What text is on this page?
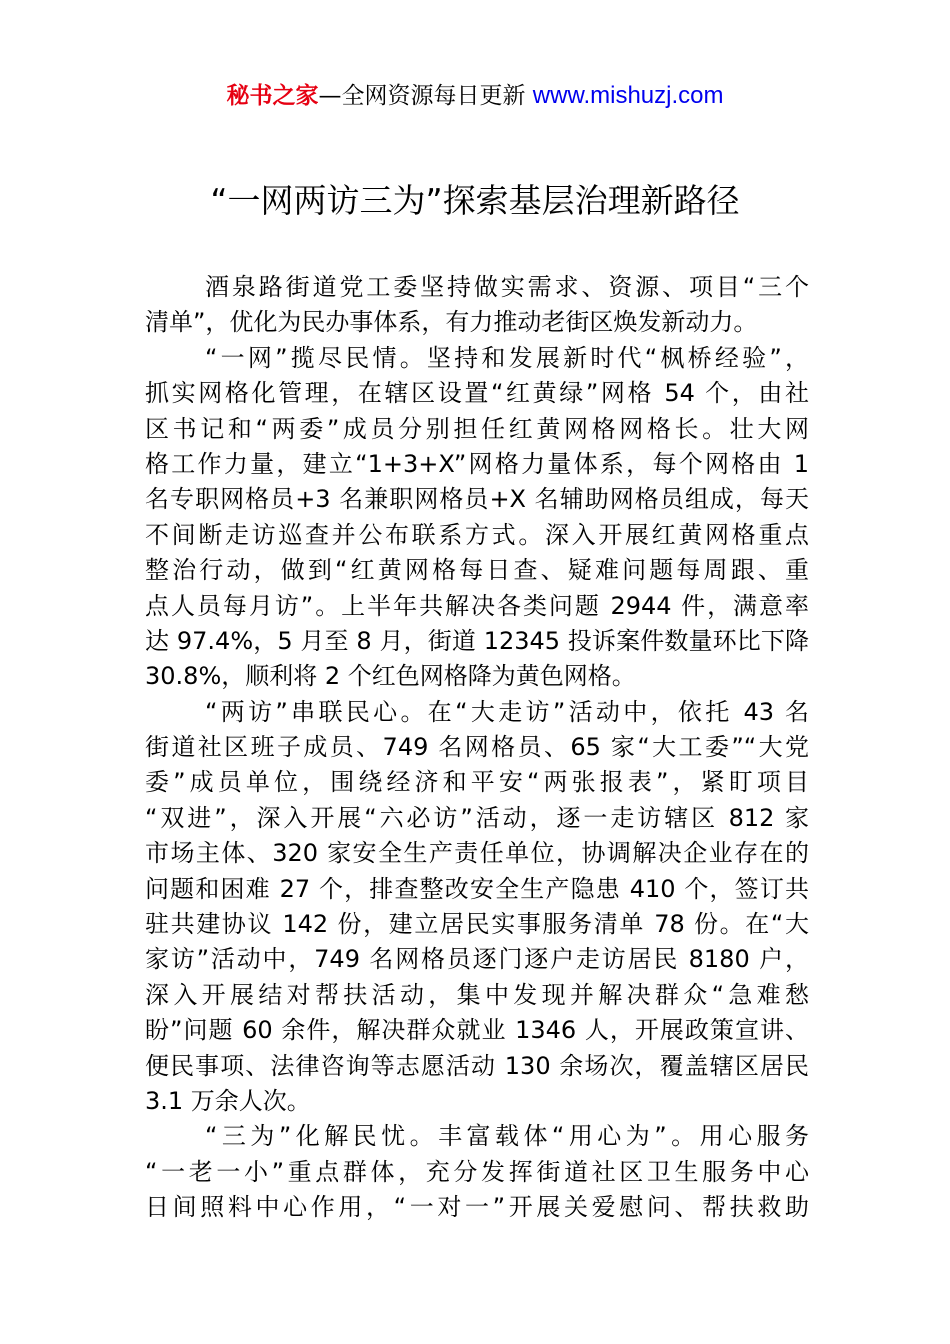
秘书之家—全网资源每日更新 www.mishuzj.com
“一网两访三为”探索基层治理新路径
酒泉路街道党工委坚持做实需求、资源、项目“三个
清单”，优化为民办事体系，有力推动老街区焕发新动力。
“一网”揽尽民情。坚持和发展新时代“枫桥经验”，
抓实网格化管理，在辖区设置“红黄绿”网格 54 个，由社
区书记和“两委”成员分别担任红黄网格网格长。壮大网
格工作力量，建立“1+3+X”网格力量体系，每个网格由 1
名专职网格员+3 名兼职网格员+X 名辅助网格员组成，每天
不间断走访巡查并公布联系方式。深入开展红黄网格重点
整治行动，做到“红黄网格每日查、疑难问题每周跟、重
点人员每月访”。上半年共解决各类问题 2944 件，满意率
达 97.4%，5 月至 8 月，街道 12345 投诉案件数量环比下降
30.8%，顺利将 2 个红色网格降为黄色网格。
“两访”串联民心。在“大走访”活动中，依托 43 名
街道社区班子成员、749 名网格员、65 家“大工委”“大党
委”成员单位，围绕经济和平安“两张报表”，紧盯项目
“双进”，深入开展“六必访”活动，逐一走访辖区 812 家
市场主体、320 家安全生产责任单位，协调解决企业存在的
问题和困难 27 个，排查整改安全生产隐患 410 个，签订共
驻共建协议 142 份，建立居民实事服务清单 78 份。在“大
家访”活动中，749 名网格员逐门逐户走访居民 8180 户，
深入开展结对帮扶活动，集中发现并解决群众“急难愁
盼”问题 60 余件，解决群众就业 1346 人，开展政策宣讲、
便民事项、法律咨询等志愿活动 130 余场次，覆盖辖区居民
3.1 万余人次。
“三为”化解民忧。丰富载体“用心为”。用心服务
“一老一小”重点群体，充分发挥街道社区卫生服务中心
日间照料中心作用，“一对一”开展关爱慰问、帮扶救助
